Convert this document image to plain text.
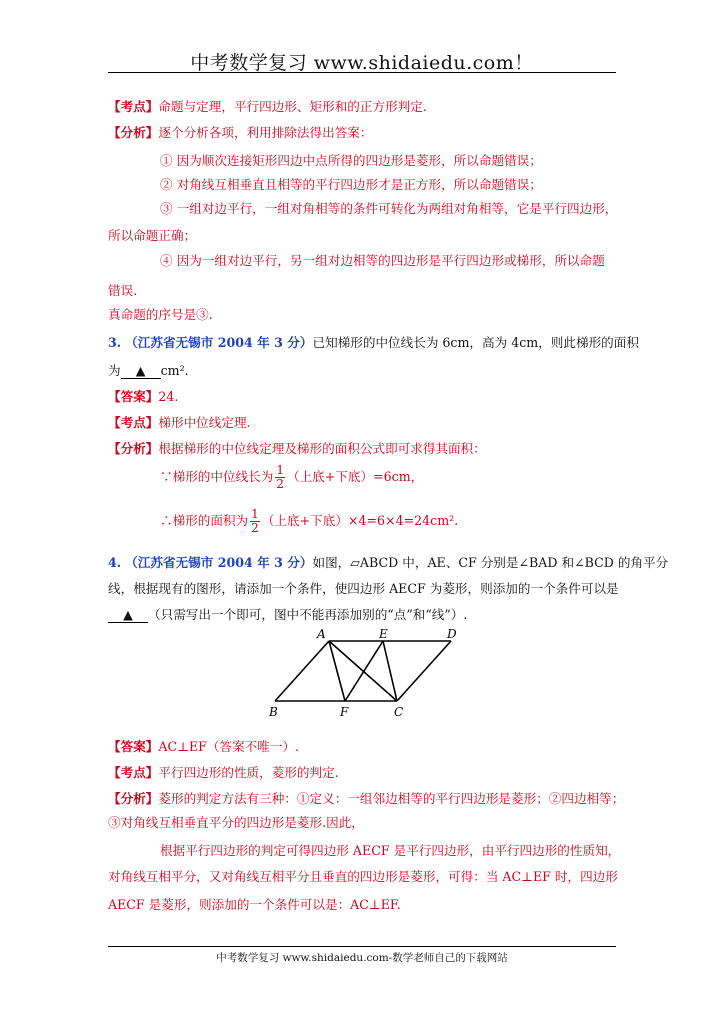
中考数学复习 www.shidaiedu.com！
【考点】命题与定理，平行四边形、矩形和的正方形判定.
【分析】逐个分析各项，利用排除法得出答案：
① 因为顺次连接矩形四边中点所得的四边形是菱形，所以命题错误；
② 对角线互相垂直且相等的平行四边形才是正方形，所以命题错误；
③ 一组对边平行，一组对角相等的条件可转化为两组对角相等，它是平行四边形，
所以命题正确；
④ 因为一组对边平行，另一组对边相等的四边形是平行四边形或梯形，所以命题
错误.
真命题的序号是③.
3. （江苏省无锡市 2004 年 3 分）已知梯形的中位线长为 6cm，高为 4cm，则此梯形的面积
为 ▲ cm².
【答案】24.
【考点】梯形中位线定理.
【分析】根据梯形的中位线定理及梯形的面积公式即可求得其面积：
∵梯形的中位线长为 $\frac{1}{2}$ （上底+下底）=6cm，
∴梯形的面积为 $\frac{1}{2}$ （上底+下底）×4=6×4=24cm².
4. （江苏省无锡市 2004 年 3 分）如图，▱ABCD 中，AE、CF 分别是∠BAD 和∠BCD 的角平分
线，根据现有的图形，请添加一个条件，使四边形 AECF 为菱形，则添加的一个条件可以是
▲ （只需写出一个即可，图中不能再添加别的“点”和“线”）.
A	E	D
B	F	C
【答案】AC⊥EF（答案不唯一）.
【考点】平行四边形的性质，菱形的判定.
【分析】菱形的判定方法有三种：①定义：一组邻边相等的平行四边形是菱形；②四边相等；
③对角线互相垂直平分的四边形是菱形.因此，
根据平行四边形的判定可得四边形 AECF 是平行四边形，由平行四边形的性质知，
对角线互相平分，又对角线互相平分且垂直的四边形是菱形，可得：当 AC⊥EF 时，四边形
AECF 是菱形，则添加的一个条件可以是：AC⊥EF.
中考数学复习 www.shidaiedu.com-数学老师自己的下载网站
